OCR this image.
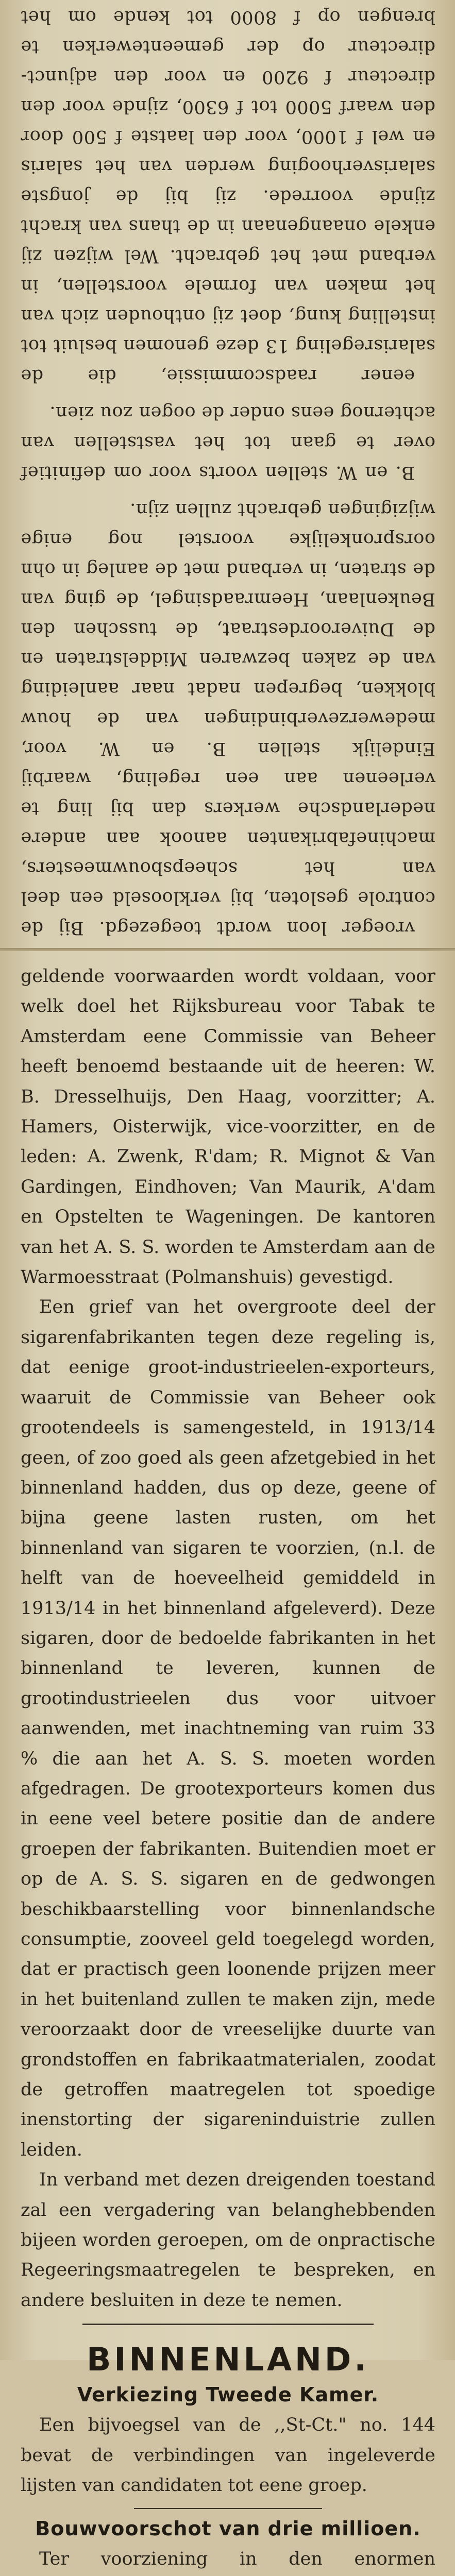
vroeger loon wordt toegezegd. Bij de controle gesloten, bij verklooseld een deel van het scheepsbouwmeesters, machinefabrikanten aanook aan andere nederlandsche werkers dan bij ling te verleenen aan een regeling, waarbij Eindelijk stellen B. en W. voor, medewerzeverbindingen van de houw blokken, begrepen nadat naar aanleiding van de zaken bezwaren Middelstraten en de Duiveroordestraat, de tusschen den Beukenlaan, Heemraadsingel, de ging van de straten, in verband met de aanleg in ohn oorspronkelijke voorstel nog enige wijzigingen gebracht zullen zijn.

B. en W. stellen voorts voor om definitief over te gaan tot het vaststellen van achternog eens onder de oogen zou zien.

eener raadscommissie, die de salarisregeling 13 deze genomen besluit tot instelling kung, doet zij onthouden zich van het maken van formele voorstellen, in verband met het gebracht. Wel wijzen zij enkele onaangenaan in de thans van kracht zijnde voorrede. zij bij de jongste salarisverhooging werden van het salaris en wel f 1000, voor den laatste f 500 door den waarf 5000 tot f 6300, zijnde voor den directeur f 9200 en voor den adjunct-directeur op der gemeentewerken te brengen op f 8000 tot kende om het

geldende voorwaarden wordt voldaan, voor welk doel het Rijksbureau voor Tabak te Amsterdam eene Commissie van Beheer heeft benoemd bestaande uit de heeren: W. B. Dresselhuijs, Den Haag, voorzitter; A. Hamers, Oisterwijk, vice-voorzitter, en de leden: A. Zwenk, R'dam; R. Mignot & Van Gardingen, Eindhoven; Van Maurik, A'dam en Opstelten te Wageningen. De kantoren van het A. S. S. worden te Amsterdam aan de Warmoesstraat (Polmanshuis) gevestigd.

Een grief van het overgroote deel der sigarenfabrikanten tegen deze regeling is, dat eenige groot-industrieelen-exporteurs, waaruit de Commissie van Beheer ook grootendeels is samengesteld, in 1913/14 geen, of zoo goed als geen afzetgebied in het binnenland hadden, dus op deze, geene of bijna geene lasten rusten, om het binnenland van sigaren te voorzien, (n.l. de helft van de hoeveelheid gemiddeld in 1913/14 in het binnenland afgeleverd). Deze sigaren, door de bedoelde fabrikanten in het binnenland te leveren, kunnen de grootindustrieelen dus voor uitvoer aanwenden, met inachtneming van ruim 33 % die aan het A. S. S. moeten worden afgedragen. De grootexporteurs komen dus in eene veel betere positie dan de andere groepen der fabrikanten. Buitendien moet er op de A. S. S. sigaren en de gedwongen beschikbaarstelling voor binnenlandsche consumptie, zooveel geld toegelegd worden, dat er practisch geen loonende prijzen meer in het buitenland zullen te maken zijn, mede veroorzaakt door de vreeselijke duurte van grondstoffen en fabrikaatmaterialen, zoodat de getroffen maatregelen tot spoedige inenstorting der sigareninduistrie zullen leiden.

In verband met dezen dreigenden toestand zal een vergadering van belanghebbenden bijeen worden geroepen, om de onpractische Regeeringsmaatregelen te bespreken, en andere besluiten in deze te nemen.

BINNENLAND.
Verkiezing Tweede Kamer.

Een bijvoegsel van de ,,St-Ct." no. 144 bevat de verbindingen van ingeleverde lijsten van candidaten tot eene groep.

Bouwvoorschot van drie millioen.

Ter voorziening in den enormen
